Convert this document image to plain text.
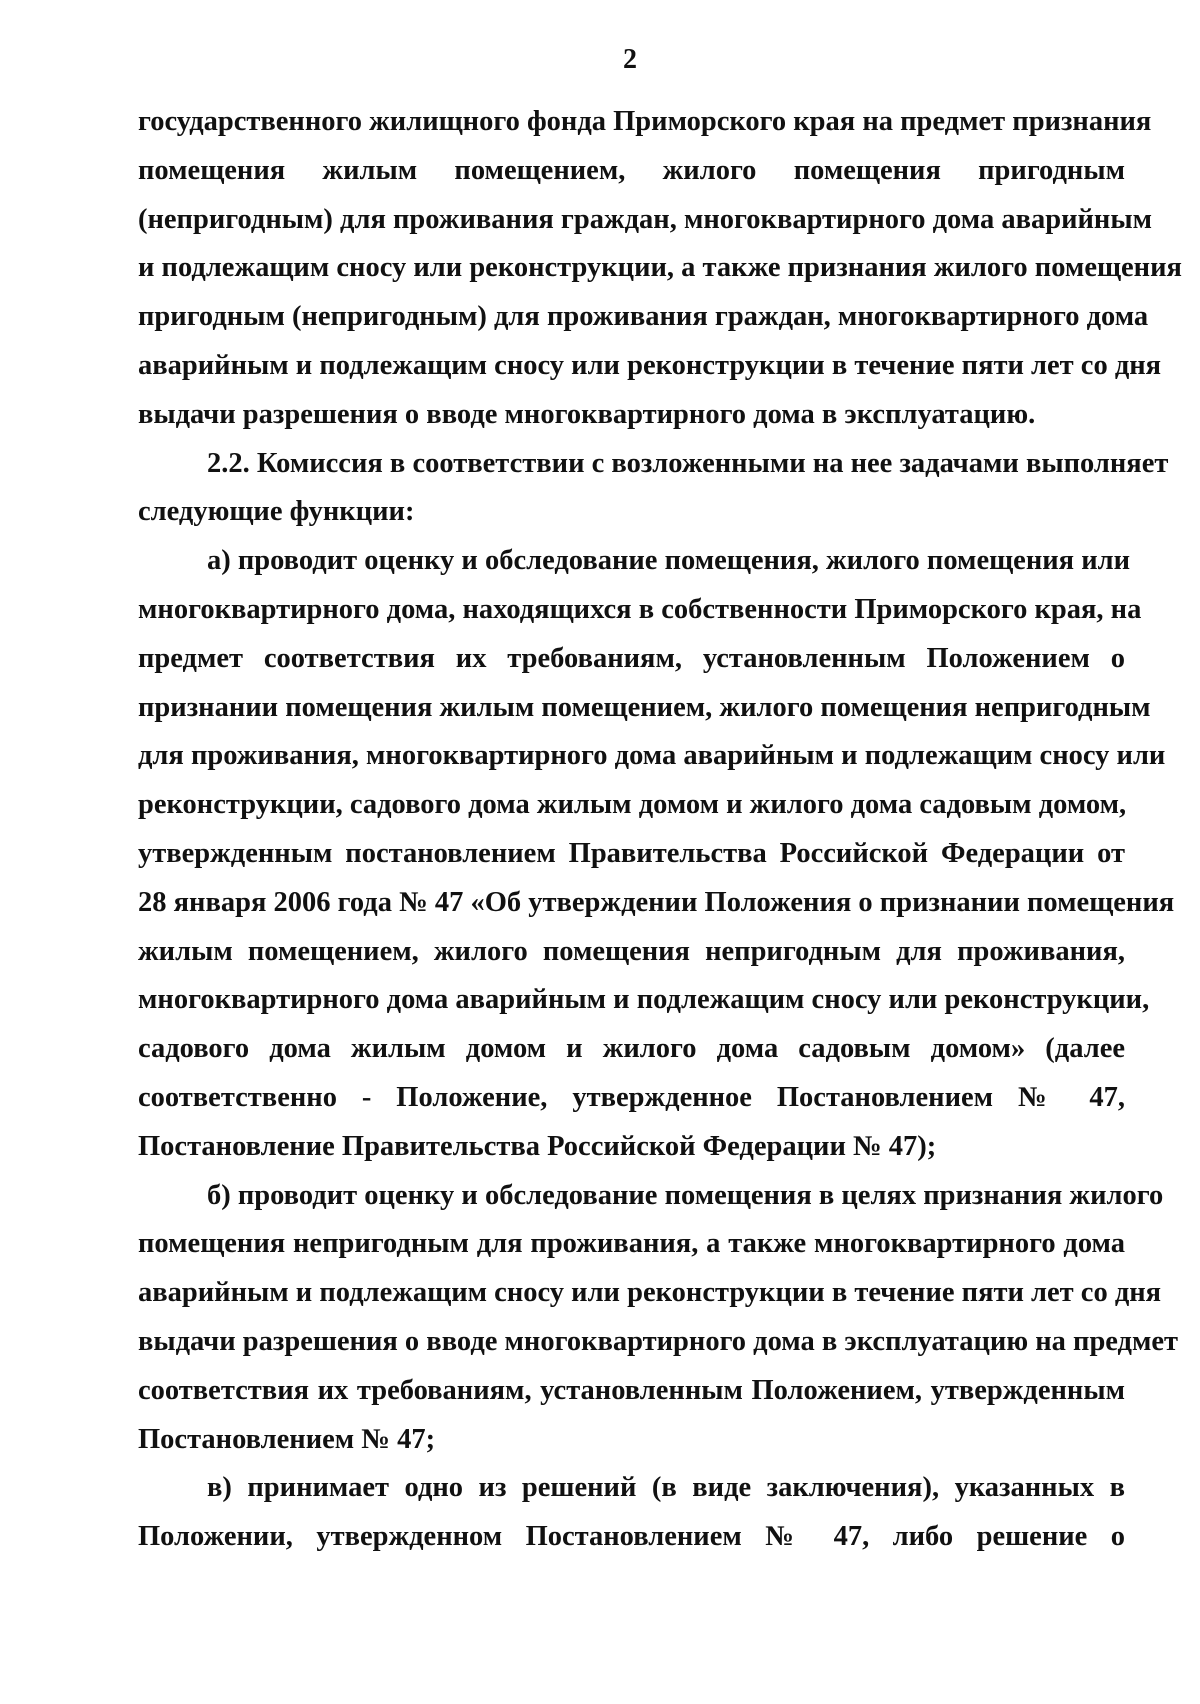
2
государственного жилищного фонда Приморского края на предмет признания
помещения жилым помещением, жилого помещения пригодным
(непригодным) для проживания граждан, многоквартирного дома аварийным
и подлежащим сносу или реконструкции, а также признания жилого помещения
пригодным (непригодным) для проживания граждан, многоквартирного дома
аварийным и подлежащим сносу или реконструкции в течение пяти лет со дня
выдачи разрешения о вводе многоквартирного дома в эксплуатацию.
2.2. Комиссия в соответствии с возложенными на нее задачами выполняет
следующие функции:
а) проводит оценку и обследование помещения, жилого помещения или
многоквартирного дома, находящихся в собственности Приморского края, на
предмет соответствия их требованиям, установленным Положением о
признании помещения жилым помещением, жилого помещения непригодным
для проживания, многоквартирного дома аварийным и подлежащим сносу или
реконструкции, садового дома жилым домом и жилого дома садовым домом,
утвержденным постановлением Правительства Российской Федерации от
28 января 2006 года № 47 «Об утверждении Положения о признании помещения
жилым помещением, жилого помещения непригодным для проживания,
многоквартирного дома аварийным и подлежащим сносу или реконструкции,
садового дома жилым домом и жилого дома садовым домом» (далее
соответственно - Положение, утвержденное Постановлением № 47,
Постановление Правительства Российской Федерации № 47);
б) проводит оценку и обследование помещения в целях признания жилого
помещения непригодным для проживания, а также многоквартирного дома
аварийным и подлежащим сносу или реконструкции в течение пяти лет со дня
выдачи разрешения о вводе многоквартирного дома в эксплуатацию на предмет
соответствия их требованиям, установленным Положением, утвержденным
Постановлением № 47;
в) принимает одно из решений (в виде заключения), указанных в
Положении, утвержденном Постановлением № 47, либо решение о
